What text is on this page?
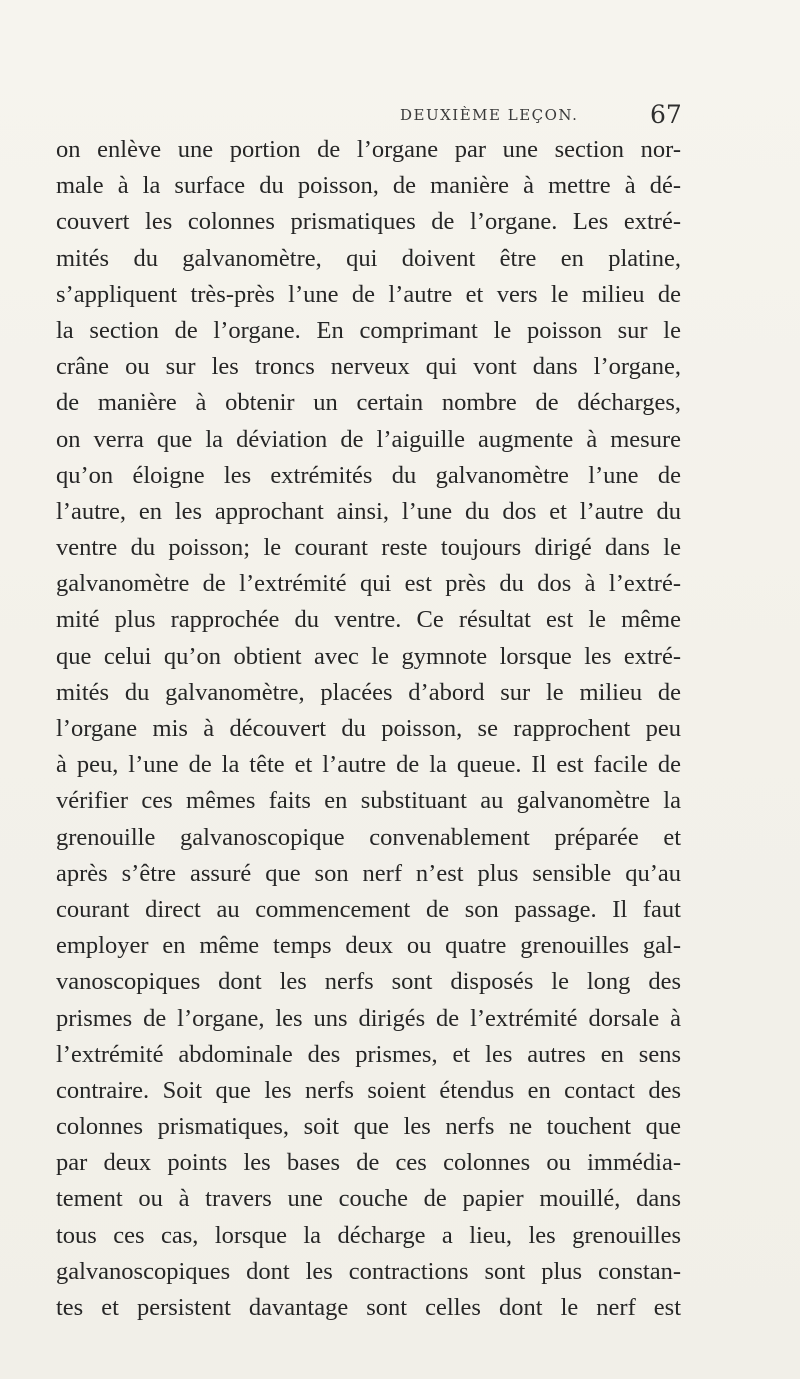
DEUXIÈME LEÇON.	67
on enlève une portion de l’organe par une section nor-
male à la surface du poisson, de manière à mettre à dé-
couvert les colonnes prismatiques de l’organe. Les extré-
mités du galvanomètre, qui doivent être en platine,
s’appliquent très-près l’une de l’autre et vers le milieu de
la section de l’organe. En comprimant le poisson sur le
crâne ou sur les troncs nerveux qui vont dans l’organe,
de manière à obtenir un certain nombre de décharges,
on verra que la déviation de l’aiguille augmente à mesure
qu’on éloigne les extrémités du galvanomètre l’une de
l’autre, en les approchant ainsi, l’une du dos et l’autre du
ventre du poisson; le courant reste toujours dirigé dans le
galvanomètre de l’extrémité qui est près du dos à l’extré-
mité plus rapprochée du ventre. Ce résultat est le même
que celui qu’on obtient avec le gymnote lorsque les extré-
mités du galvanomètre, placées d’abord sur le milieu de
l’organe mis à découvert du poisson, se rapprochent peu
à peu, l’une de la tête et l’autre de la queue. Il est facile de
vérifier ces mêmes faits en substituant au galvanomètre la
grenouille galvanoscopique convenablement préparée et
après s’être assuré que son nerf n’est plus sensible qu’au
courant direct au commencement de son passage. Il faut
employer en même temps deux ou quatre grenouilles gal-
vanoscopiques dont les nerfs sont disposés le long des
prismes de l’organe, les uns dirigés de l’extrémité dorsale à
l’extrémité abdominale des prismes, et les autres en sens
contraire. Soit que les nerfs soient étendus en contact des
colonnes prismatiques, soit que les nerfs ne touchent que
par deux points les bases de ces colonnes ou immédia-
tement ou à travers une couche de papier mouillé, dans
tous ces cas, lorsque la décharge a lieu, les grenouilles
galvanoscopiques dont les contractions sont plus constan-
tes et persistent davantage sont celles dont le nerf est
